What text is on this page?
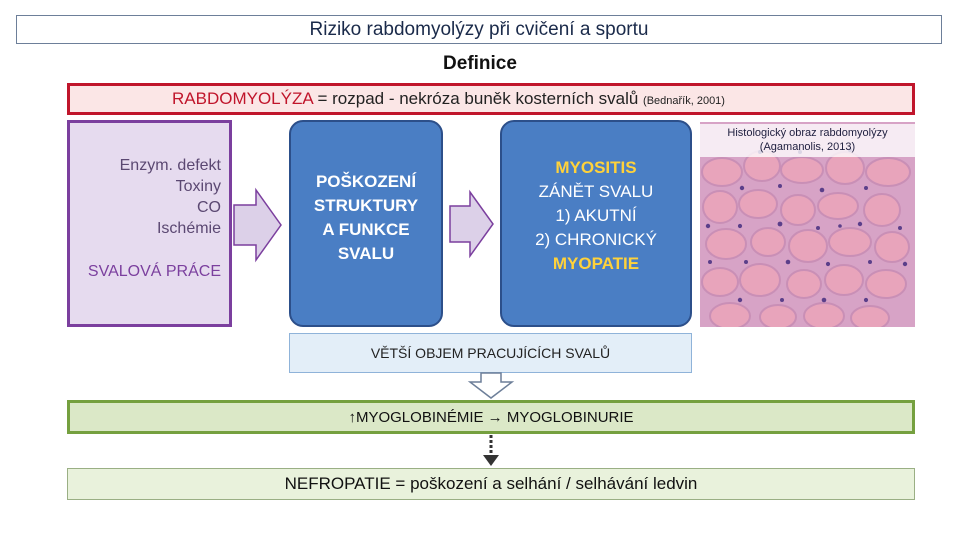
Riziko rabdomyolýzy při cvičení a sportu
Definice
RABDOMYOLÝZA = rozpad - nekróza buněk kosterních svalů (Bednařík, 2001)
Enzym. defekt
Toxiny
CO
Ischémie
SVALOVÁ PRÁCE
POŠKOZENÍ
STRUKTURY
A FUNKCE
SVALU
MYOSITIS
ZÁNĚT SVALU
1) AKUTNÍ
2) CHRONICKÝ
MYOPATIE
Histologický obraz rabdomyolýzy
(Agamanolis, 2013)
VĚTŠÍ OBJEM PRACUJÍCÍCH SVALŮ
↑MYOGLOBINÉMIE → MYOGLOBINURIE
NEFROPATIE = poškození a selhání / selhávání ledvin
